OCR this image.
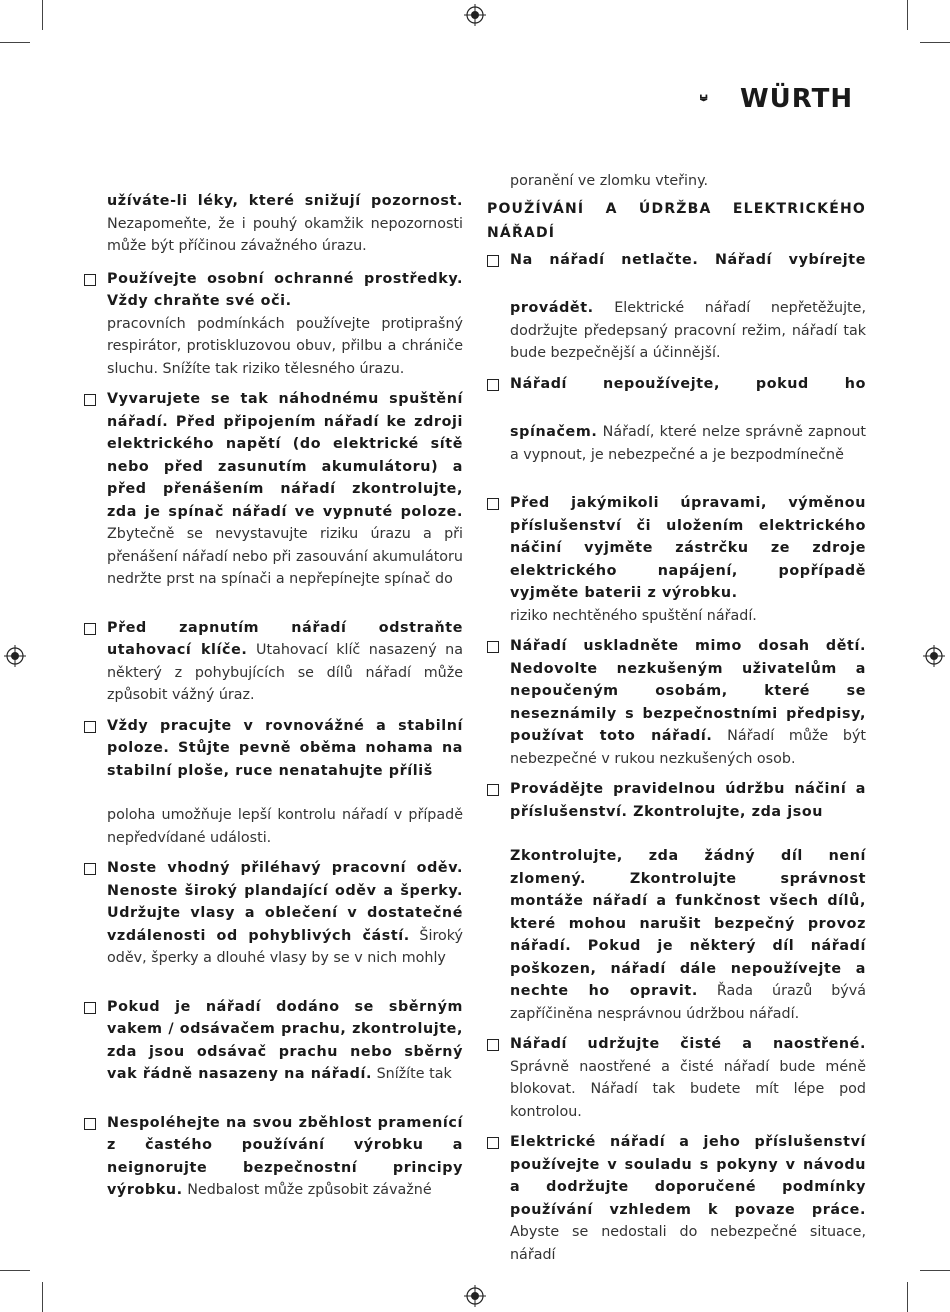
WÜRTH

užíváte-li léky, které snižují pozornost. Nezapomeňte, že i pouhý okamžik nepozornosti může být příčinou závažného úrazu.

Používejte osobní ochranné prostředky. Vždy chraňte své oči.

pracovních podmínkách používejte protiprašný respirátor, protiskluzovou obuv, přilbu a chrániče sluchu. Snížíte tak riziko tělesného úrazu.

Vyvarujete se tak náhodnému spuštění nářadí. Před připojením nářadí ke zdroji elektrického napětí (do elektrické sítě nebo před zasunutím akumulátoru) a před přenášením nářadí zkontrolujte, zda je spínač nářadí ve vypnuté poloze. Zbytečně se nevystavujte riziku úrazu a při přenášení nářadí nebo při zasouvání akumulátoru nedržte prst na spínači a nepřepínejte spínač do

Před zapnutím nářadí odstraňte utahovací klíče. Utahovací klíč nasazený na některý z pohybujících se dílů nářadí může způsobit vážný úraz.

Vždy pracujte v rovnovážné a stabilní poloze. Stůjte pevně oběma nohama na stabilní ploše, ruce nenatahujte příliš

poloha umožňuje lepší kontrolu nářadí v případě nepředvídané události.

Noste vhodný přiléhavý pracovní oděv. Nenoste široký plandající oděv a šperky. Udržujte vlasy a oblečení v dostatečné vzdálenosti od pohyblivých částí. Široký oděv, šperky a dlouhé vlasy by se v nich mohly

Pokud je nářadí dodáno se sběrným vakem / odsávačem prachu, zkontrolujte, zda jsou odsávač prachu nebo sběrný vak řádně nasazeny na nářadí. Snížíte tak

Nespoléhejte na svou zběhlost pramenící z častého používání výrobku a neignorujte bezpečnostní principy výrobku. Nedbalost může způsobit závažné

poranění ve zlomku vteřiny.

POUŽÍVÁNÍ A ÚDRŽBA ELEKTRICKÉHO
NÁŘADÍ

Na nářadí netlačte. Nářadí vybírejte

provádět. Elektrické nářadí nepřetěžujte, dodržujte předepsaný pracovní režim, nářadí tak bude bezpečnější a účinnější.

Nářadí nepoužívejte, pokud ho

spínačem. Nářadí, které nelze správně zapnout a vypnout, je nebezpečné a je bezpodmínečně

Před jakýmikoli úpravami, výměnou příslušenství či uložením elektrického náčiní vyjměte zástrčku ze zdroje elektrického napájení, popřípadě vyjměte baterii z výrobku.

riziko nechtěného spuštění nářadí.

Nářadí uskladněte mimo dosah dětí. Nedovolte nezkušeným uživatelům a nepoučeným osobám, které se neseznámily s bezpečnostními předpisy, používat toto nářadí. Nářadí může být nebezpečné v rukou nezkušených osob.

Provádějte pravidelnou údržbu náčiní a příslušenství. Zkontrolujte, zda jsou

Zkontrolujte, zda žádný díl není zlomený. Zkontrolujte správnost montáže nářadí a funkčnost všech dílů, které mohou narušit bezpečný provoz nářadí. Pokud je některý díl nářadí poškozen, nářadí dále nepoužívejte a nechte ho opravit. Řada úrazů bývá zapříčiněna nesprávnou údržbou nářadí.

Nářadí udržujte čisté a naostřené. Správně naostřené a čisté nářadí bude méně blokovat. Nářadí tak budete mít lépe pod kontrolou.

Elektrické nářadí a jeho příslušenství používejte v souladu s pokyny v návodu a dodržujte doporučené podmínky používání vzhledem k povaze práce. Abyste se nedostali do nebezpečné situace, nářadí
